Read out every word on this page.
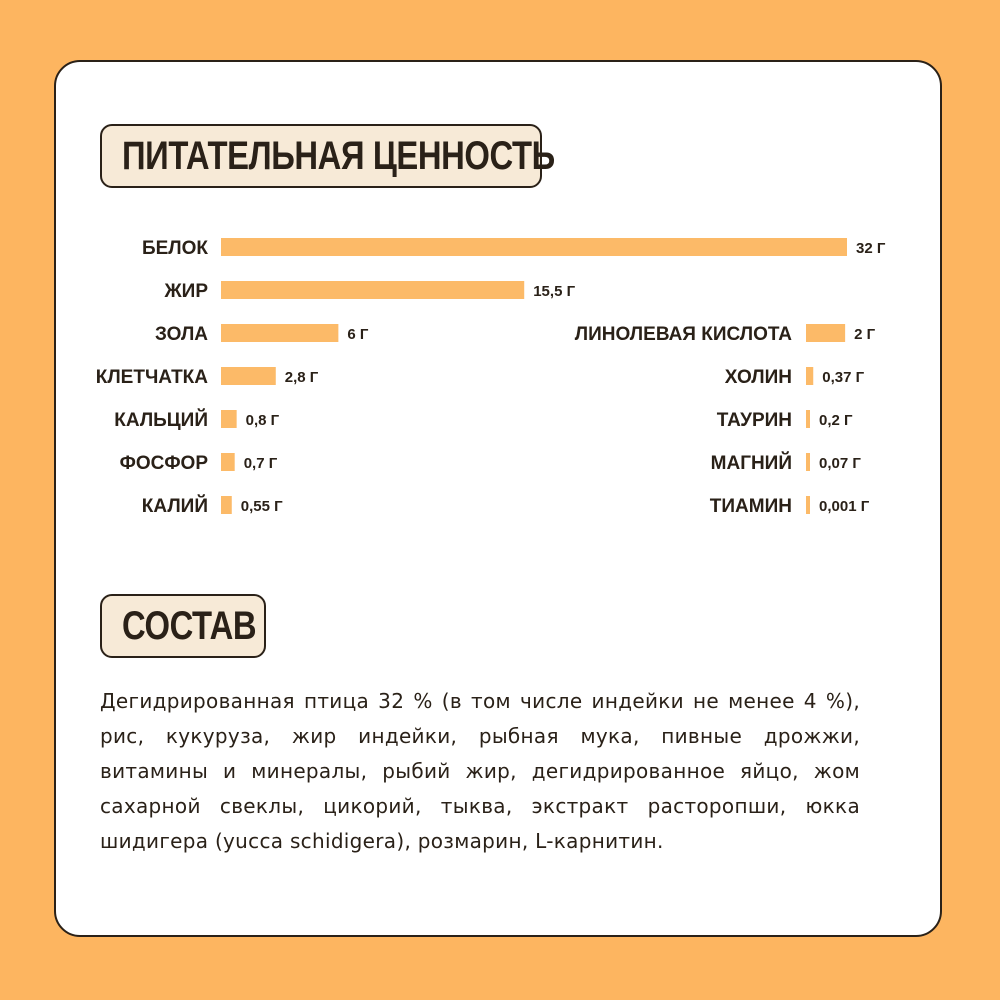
ПИТАТЕЛЬНАЯ ЦЕННОСТЬ
БЕЛОК	32 Г
ЖИР	15,5 Г
ЗОЛА	6 Г
КЛЕТЧАТКА	2,8 Г
КАЛЬЦИЙ	0,8 Г
ФОСФОР 0,7 Г
КАЛИЙ 0,55 Г
ЛИНОЛЕВАЯ КИСЛОТА	2 Г
ХОЛИН 0,37 Г
ТАУРИН 0,2 Г
МАГНИЙ 0,07 Г
ТИАМИН 0,001 Г
СОСТАВ
Дегидрированная птица 32 % (в том числе индейки не менее 4 %), рис, кукуруза, жир индейки, рыбная мука, пивные дрожжи, витамины и минералы, рыбий жир, дегидрированное яйцо, жом сахарной свеклы, цикорий, тыква, экстракт расторопши, юкка шидигера (yucca schidigera), розмарин, L-карнитин.
